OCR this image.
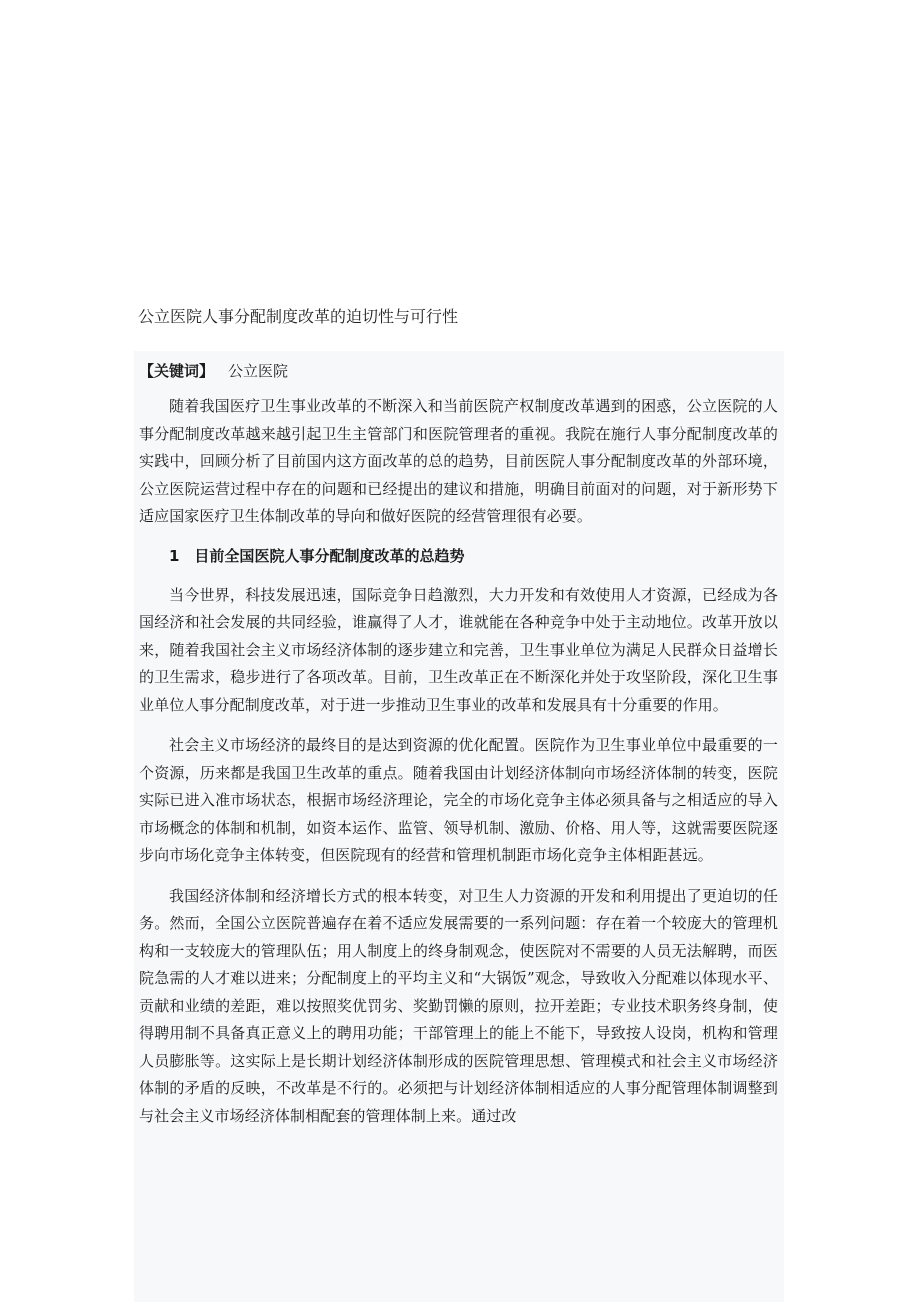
公立医院人事分配制度改革的迫切性与可行性
【关键词】 公立医院

随着我国医疗卫生事业改革的不断深入和当前医院产权制度改革遇到的困惑，公立医院的人事分配制度改革越来越引起卫生主管部门和医院管理者的重视。我院在施行人事分配制度改革的实践中，回顾分析了目前国内这方面改革的总的趋势，目前医院人事分配制度改革的外部环境，公立医院运营过程中存在的问题和已经提出的建议和措施，明确目前面对的问题，对于新形势下适应国家医疗卫生体制改革的导向和做好医院的经营管理很有必要。

1　目前全国医院人事分配制度改革的总趋势

当今世界，科技发展迅速，国际竞争日趋激烈，大力开发和有效使用人才资源，已经成为各国经济和社会发展的共同经验，谁赢得了人才，谁就能在各种竞争中处于主动地位。改革开放以来，随着我国社会主义市场经济体制的逐步建立和完善，卫生事业单位为满足人民群众日益增长的卫生需求，稳步进行了各项改革。目前，卫生改革正在不断深化并处于攻坚阶段，深化卫生事业单位人事分配制度改革，对于进一步推动卫生事业的改革和发展具有十分重要的作用。

社会主义市场经济的最终目的是达到资源的优化配置。医院作为卫生事业单位中最重要的一个资源，历来都是我国卫生改革的重点。随着我国由计划经济体制向市场经济体制的转变，医院实际已进入准市场状态，根据市场经济理论，完全的市场化竞争主体必须具备与之相适应的导入市场概念的体制和机制，如资本运作、监管、领导机制、激励、价格、用人等，这就需要医院逐步向市场化竞争主体转变，但医院现有的经营和管理机制距市场化竞争主体相距甚远。

我国经济体制和经济增长方式的根本转变，对卫生人力资源的开发和利用提出了更迫切的任务。然而，全国公立医院普遍存在着不适应发展需要的一系列问题：存在着一个较庞大的管理机构和一支较庞大的管理队伍；用人制度上的终身制观念，使医院对不需要的人员无法解聘，而医院急需的人才难以进来；分配制度上的平均主义和“大锅饭”观念，导致收入分配难以体现水平、贡献和业绩的差距，难以按照奖优罚劣、奖勤罚懒的原则，拉开差距；专业技术职务终身制，使得聘用制不具备真正意义上的聘用功能；干部管理上的能上不能下，导致按人设岗，机构和管理人员膨胀等。这实际上是长期计划经济体制形成的医院管理思想、管理模式和社会主义市场经济体制的矛盾的反映，不改革是不行的。必须把与计划经济体制相适应的人事分配管理体制调整到与社会主义市场经济体制相配套的管理体制上来。通过改
